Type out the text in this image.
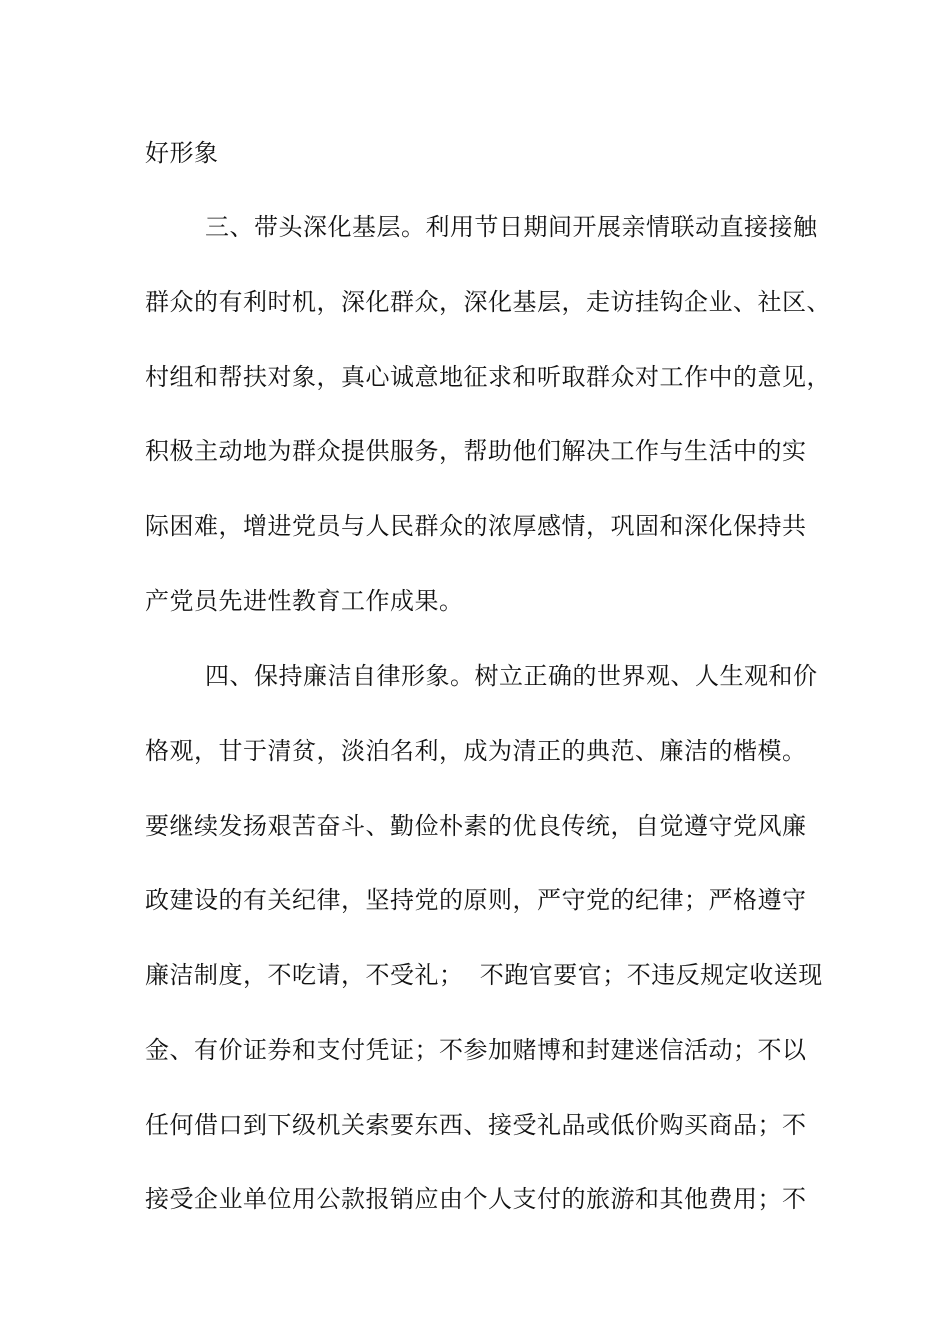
好形象
三、带头深化基层。利用节日期间开展亲情联动直接接触
群众的有利时机，深化群众，深化基层，走访挂钩企业、社区、
村组和帮扶对象，真心诚意地征求和听取群众对工作中的意见，
积极主动地为群众提供服务，帮助他们解决工作与生活中的实
际困难，增进党员与人民群众的浓厚感情，巩固和深化保持共
产党员先进性教育工作成果。
四、保持廉洁自律形象。树立正确的世界观、人生观和价
格观，甘于清贫，淡泊名利，成为清正的典范、廉洁的楷模。
要继续发扬艰苦奋斗、勤俭朴素的优良传统，自觉遵守党风廉
政建设的有关纪律，坚持党的原则，严守党的纪律；严格遵守
廉洁制度，不吃请，不受礼；  不跑官要官；不违反规定收送现
金、有价证券和支付凭证；不参加赌博和封建迷信活动；不以
任何借口到下级机关索要东西、接受礼品或低价购买商品；不
接受企业单位用公款报销应由个人支付的旅游和其他费用；不
